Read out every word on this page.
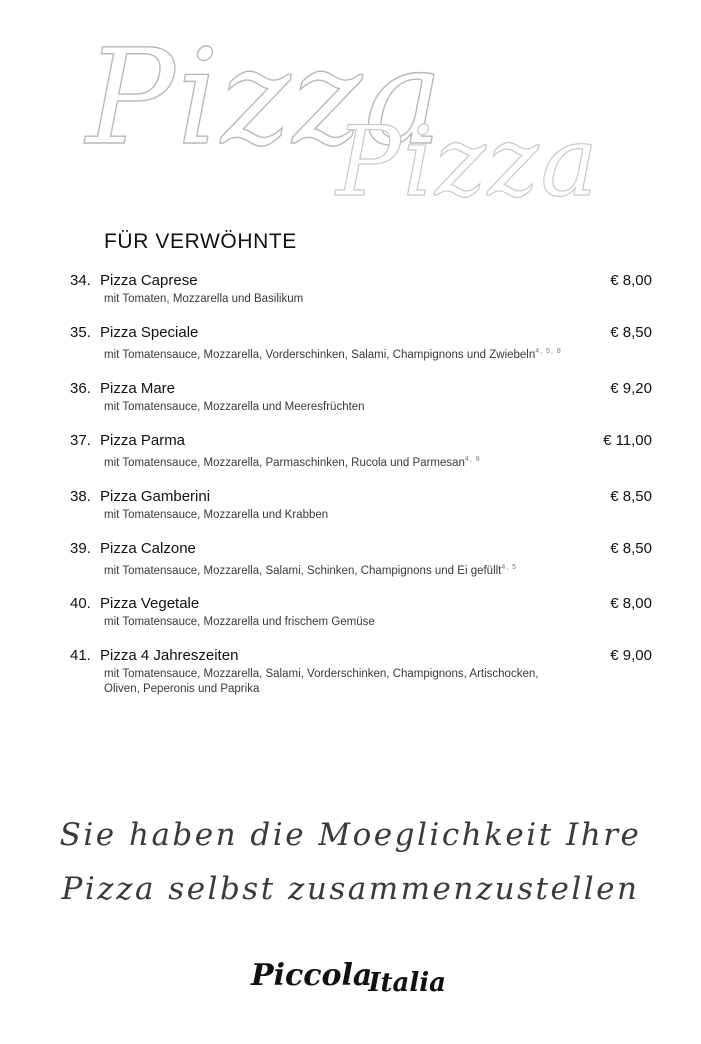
Pizza
Pizza
FÜR VERWÖHNTE
34. Pizza Caprese	€ 8,00
mit Tomaten, Mozzarella und Basilikum
35. Pizza Speciale	€ 8,50
mit Tomatensauce, Mozzarella, Vorderschinken, Salami, Champignons und Zwiebeln$^{4, 5, 8}$
36. Pizza Mare	€ 9,20
mit Tomatensauce, Mozzarella und Meeresfrüchten
37. Pizza Parma	€ 11,00
mit Tomatensauce, Mozzarella, Parmaschinken, Rucola und Parmesan$^{4, 8}$
38. Pizza Gamberini	€ 8,50
mit Tomatensauce, Mozzarella und Krabben
39. Pizza Calzone	€ 8,50
mit Tomatensauce, Mozzarella, Salami, Schinken, Champignons und Ei gefüllt$^{4, 5}$
40. Pizza Vegetale	€ 8,00
mit Tomatensauce, Mozzarella und frischem Gemüse
41. Pizza 4 Jahreszeiten	€ 9,00
mit Tomatensauce, Mozzarella, Salami, Vorderschinken, Champignons, Artischocken, Oliven, Peperonis und Paprika
Sie haben die Moeglichkeit Ihre
Pizza selbst zusammenzustellen
PiccolaItalia
